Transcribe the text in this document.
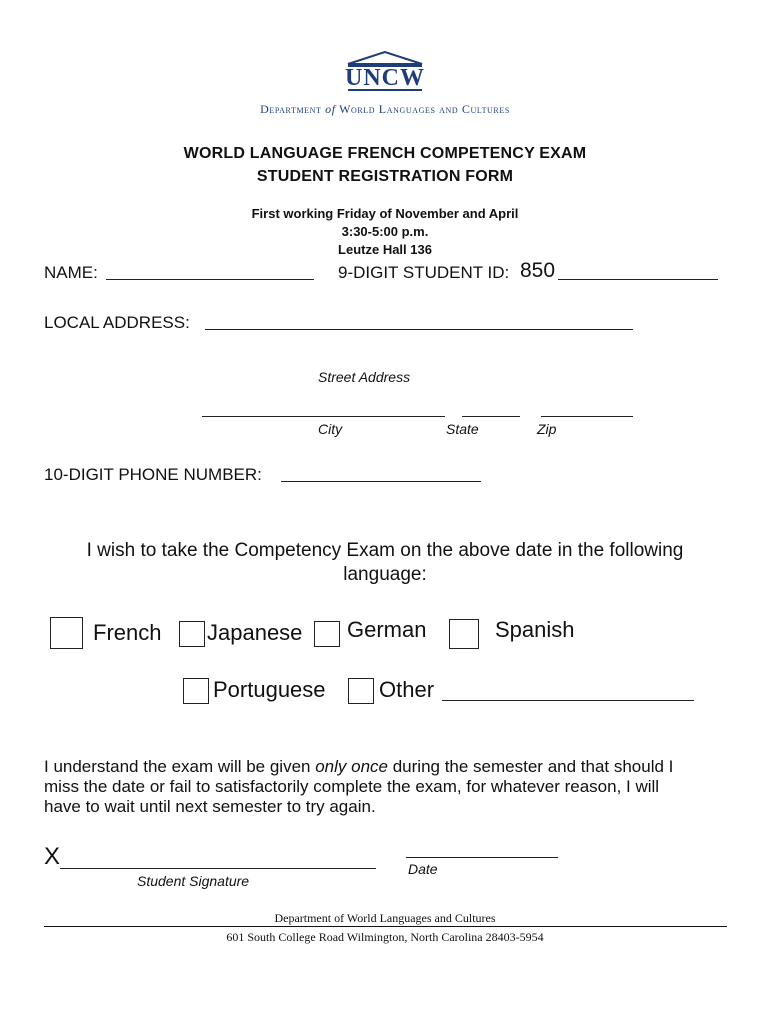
UNCW
Department of World Languages and Cultures
WORLD LANGUAGE FRENCH COMPETENCY EXAM
STUDENT REGISTRATION FORM
First working Friday of November and April
3:30-5:00 p.m.
Leutze Hall 136
NAME:	9-DIGIT STUDENT ID: 850
LOCAL ADDRESS:
Street Address
City	State	Zip
10-DIGIT PHONE NUMBER:
I wish to take the Competency Exam on the above date in the following
language:
French Japanese German	Spanish
Portuguese Other
I understand the exam will be given only once during the semester and that should I
miss the date or fail to satisfactorily complete the exam, for whatever reason, I will
have to wait until next semester to try again.
X
Student Signature
Date
Department of World Languages and Cultures
601 South College Road Wilmington, North Carolina 28403-5954
